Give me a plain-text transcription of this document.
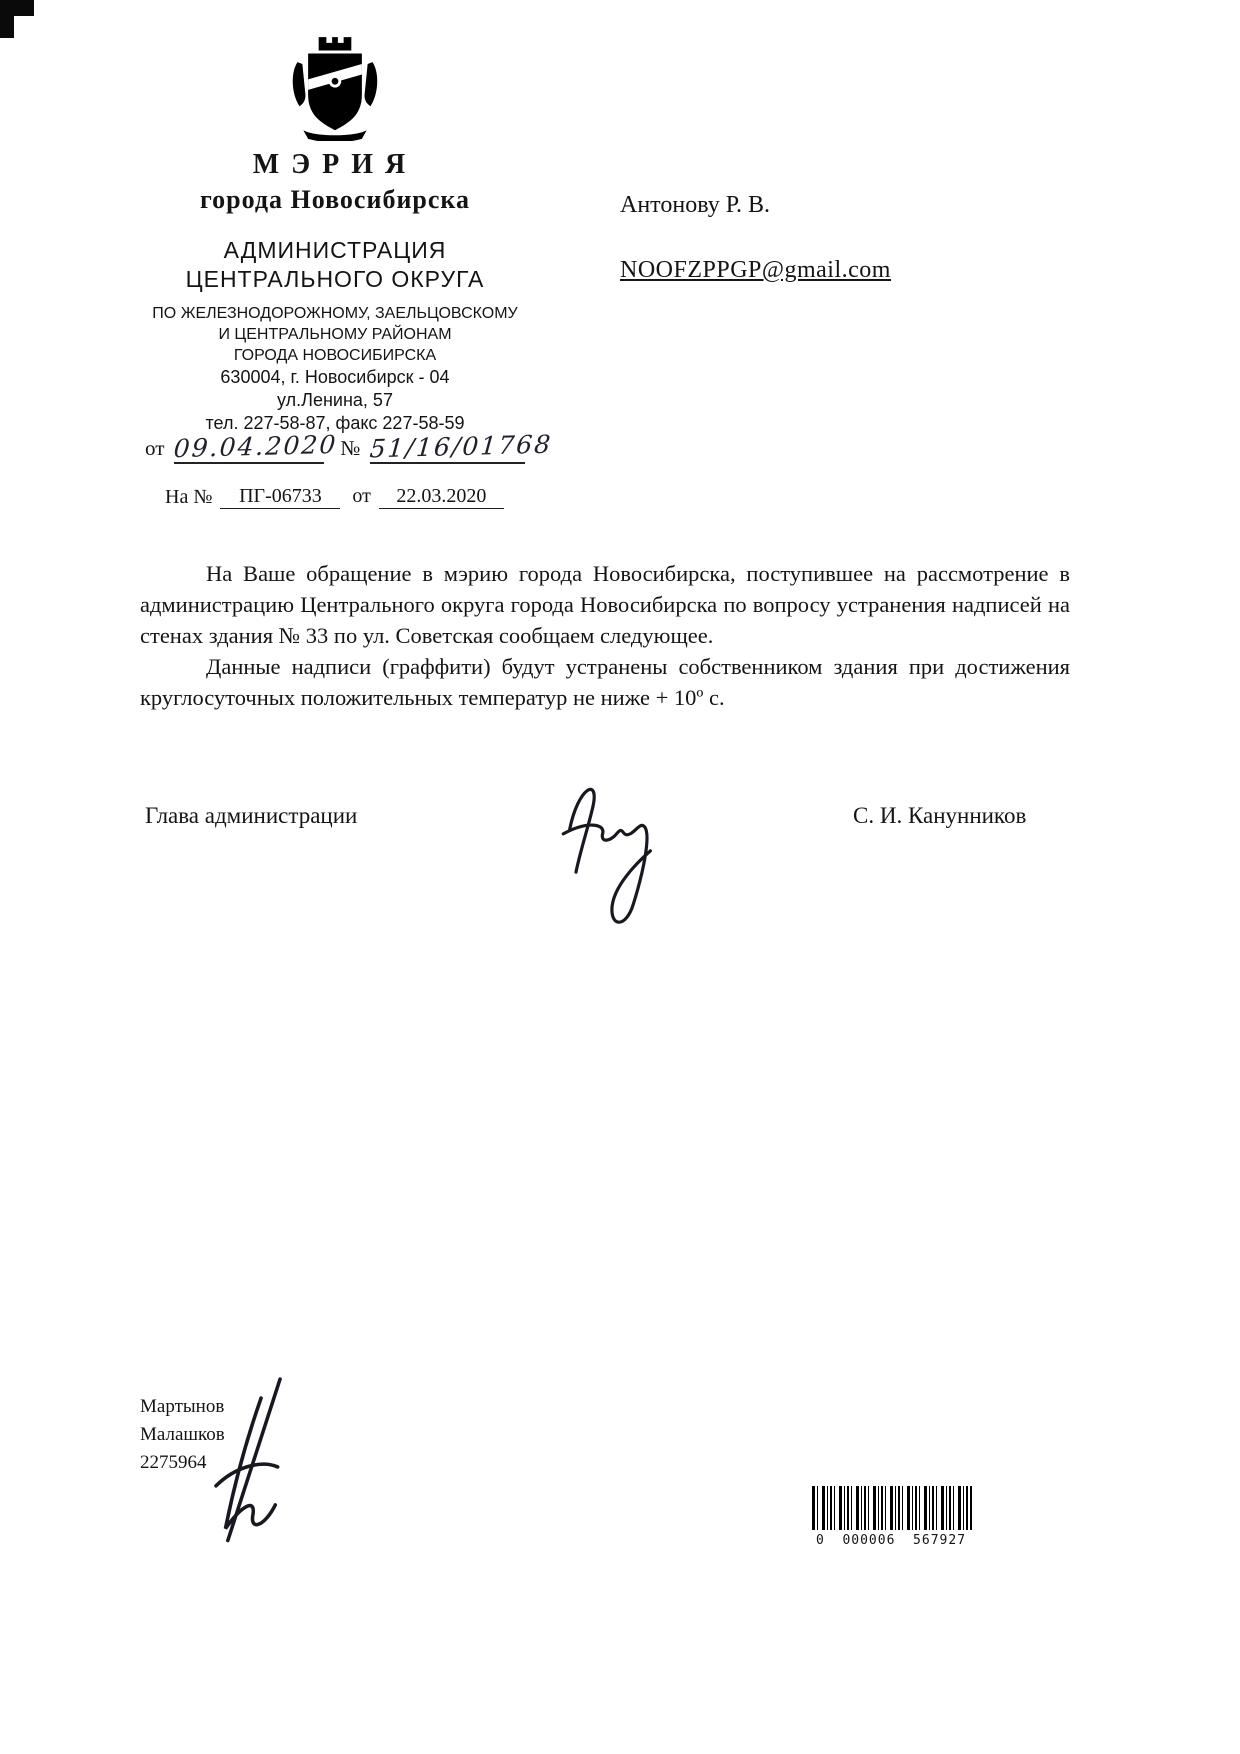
МЭРИЯ
города Новосибирска
АДМИНИСТРАЦИЯ
ЦЕНТРАЛЬНОГО ОКРУГА
ПО ЖЕЛЕЗНОДОРОЖНОМУ, ЗАЕЛЬЦОВСКОМУ
И ЦЕНТРАЛЬНОМУ РАЙОНАМ
ГОРОДА НОВОСИБИРСКА
630004, г. Новосибирск - 04
ул.Ленина, 57
тел. 227-58-87, факс 227-58-59
Антонову Р. В.
NOOFZPPGP@gmail.com
от 09.04.2020 № 51/16/01768
На №	ПГ-06733	от	22.03.2020

На Ваше обращение в мэрию города Новосибирска, поступившее на рассмотрение в администрацию Центрального округа города Новосибирска по вопросу устранения надписей на стенах здания № 33 по ул. Советская сообщаем следующее.

Данные надписи (граффити) будут устранены собственником здания при достижения круглосуточных положительных температур не ниже + 10º с.

Глава администрации	С. И. Канунников
Мартынов
Малашков
2275964
0  000006  567927
